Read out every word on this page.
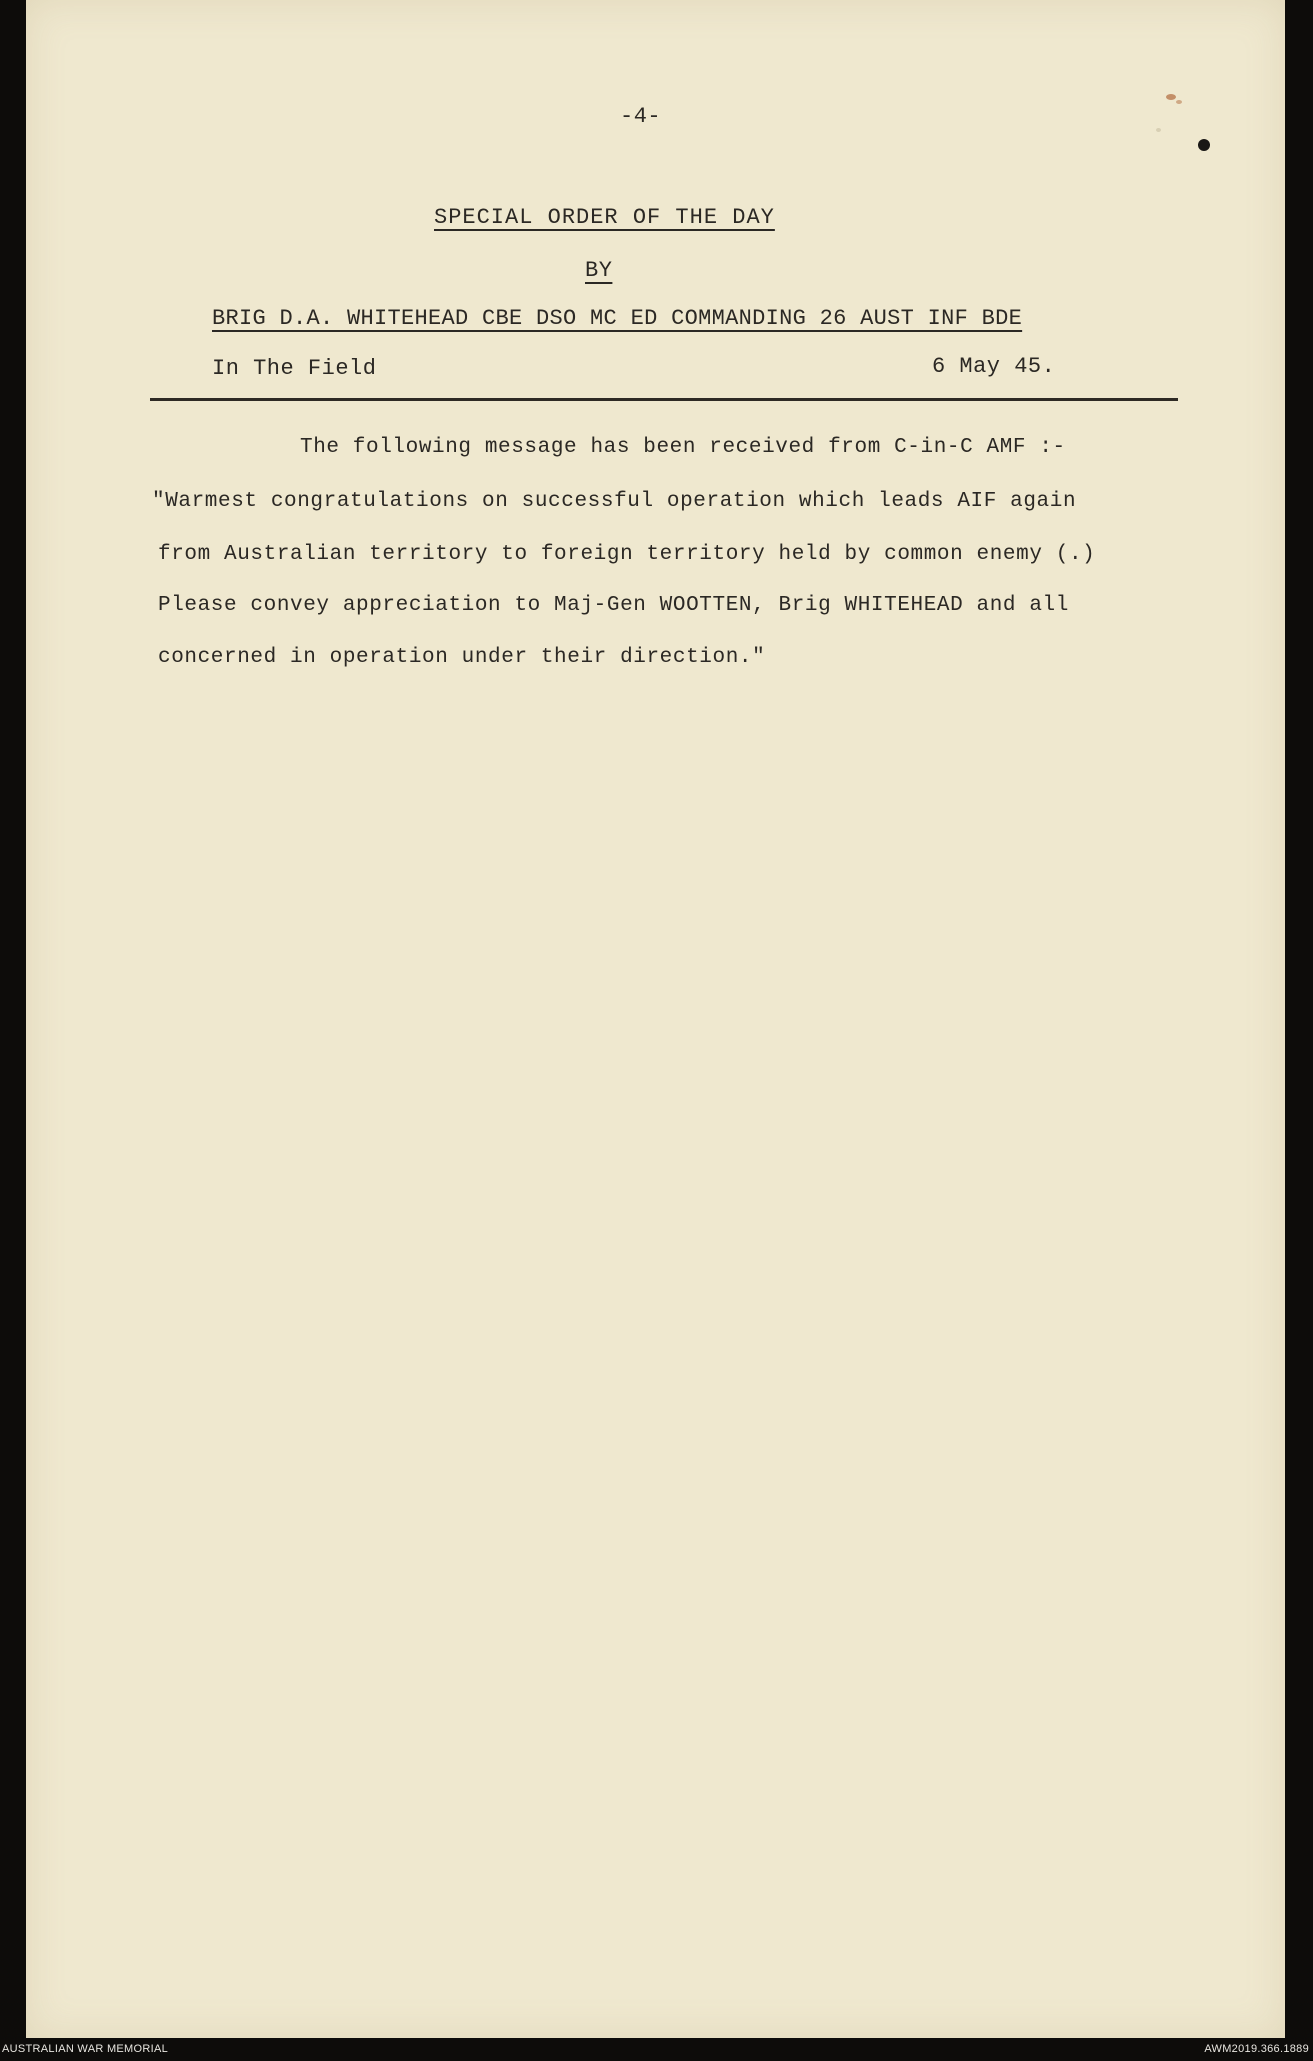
-4-
SPECIAL ORDER OF THE DAY
BY
BRIG D.A. WHITEHEAD CBE DSO MC ED COMMANDING 26 AUST INF BDE
In The Field	6 May 45.
The following message has been received from C-in-C AMF :-
"Warmest congratulations on successful operation which leads AIF again
from Australian territory to foreign territory held by common enemy (.)
Please convey appreciation to Maj-Gen WOOTTEN, Brig WHITEHEAD and all
concerned in operation under their direction."
AUSTRALIAN WAR MEMORIAL	AWM2019.366.1889
